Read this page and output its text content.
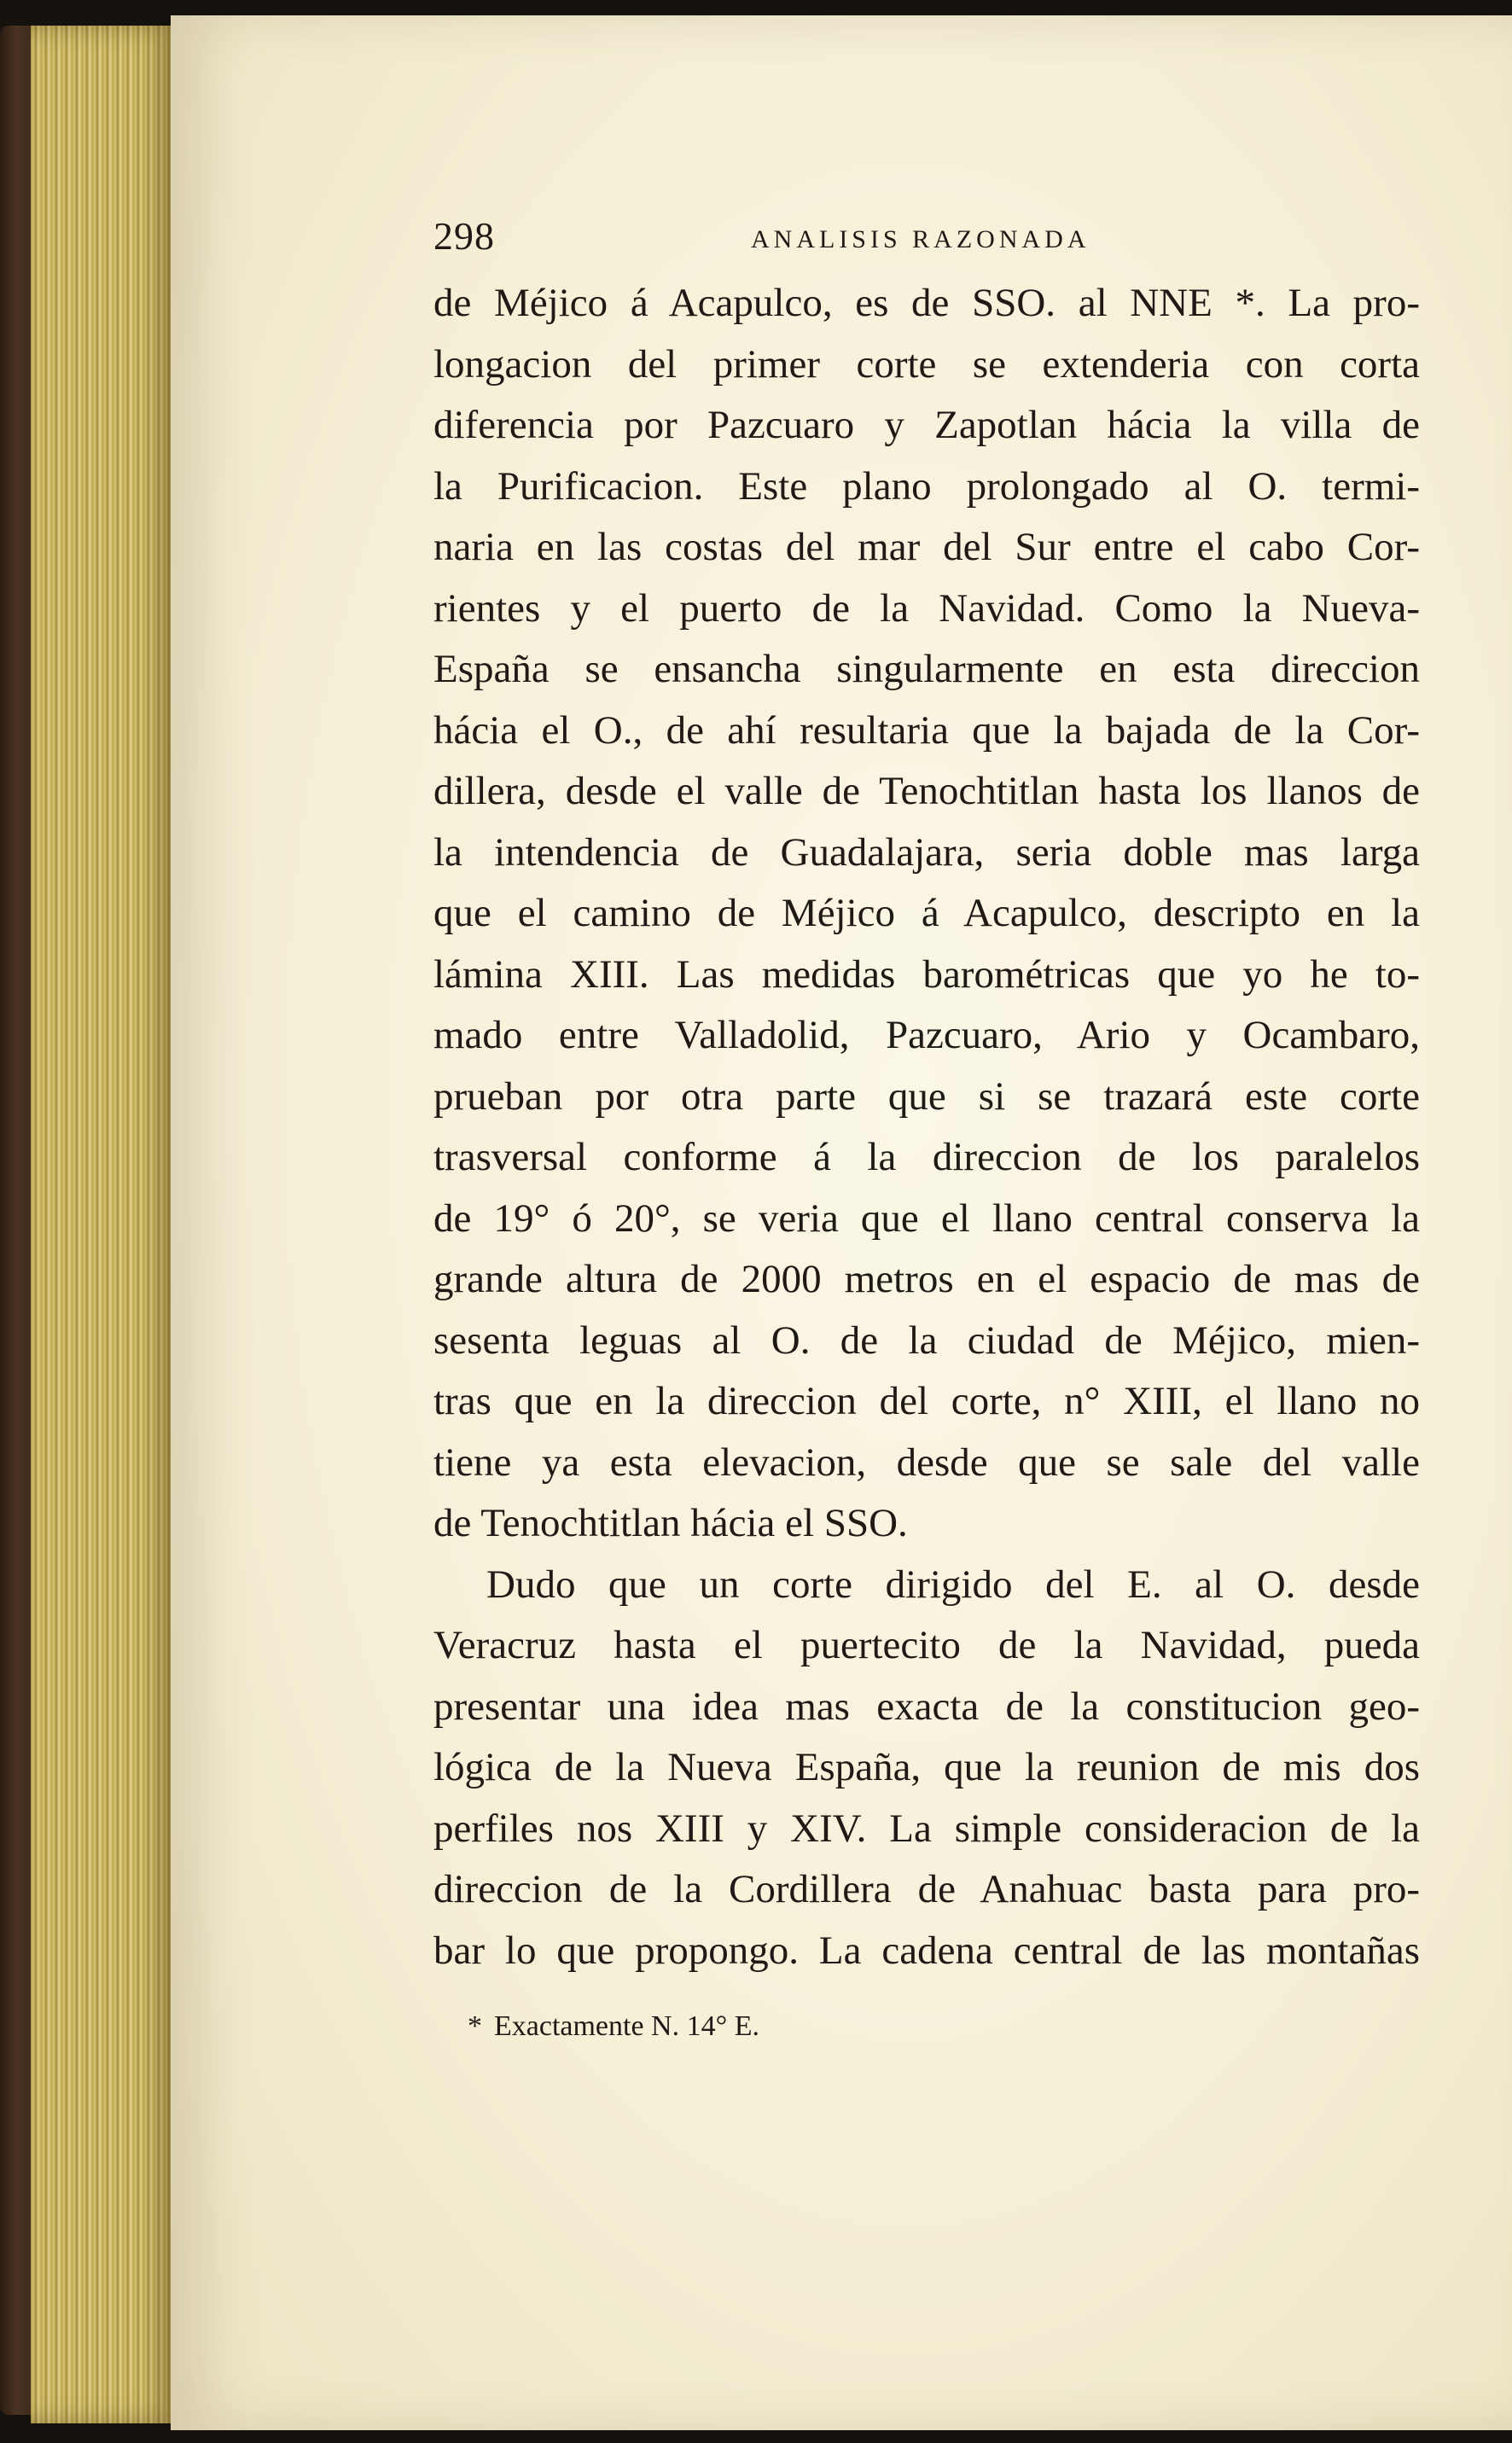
298	ANALISIS RAZONADA
de Méjico á Acapulco, es de SSO. al NNE *. La pro-
longacion del primer corte se extenderia con corta
diferencia por Pazcuaro y Zapotlan hácia la villa de
la Purificacion. Este plano prolongado al O. termi-
naria en las costas del mar del Sur entre el cabo Cor-
rientes y el puerto de la Navidad. Como la Nueva-
España se ensancha singularmente en esta direccion
hácia el O., de ahí resultaria que la bajada de la Cor-
dillera, desde el valle de Tenochtitlan hasta los llanos de
la intendencia de Guadalajara, seria doble mas larga
que el camino de Méjico á Acapulco, descripto en la
lámina XIII. Las medidas barométricas que yo he to-
mado entre Valladolid, Pazcuaro, Ario y Ocambaro,
prueban por otra parte que si se trazará este corte
trasversal conforme á la direccion de los paralelos
de 19° ó 20°, se veria que el llano central conserva la
grande altura de 2000 metros en el espacio de mas de
sesenta leguas al O. de la ciudad de Méjico, mien-
tras que en la direccion del corte, n° XIII, el llano no
tiene ya esta elevacion, desde que se sale del valle
de Tenochtitlan hácia el SSO.
Dudo que un corte dirigido del E. al O. desde
Veracruz hasta el puertecito de la Navidad, pueda
presentar una idea mas exacta de la constitucion geo-
lógica de la Nueva España, que la reunion de mis dos
perfiles nos XIII y XIV. La simple consideracion de la
direccion de la Cordillera de Anahuac basta para pro-
bar lo que propongo. La cadena central de las montañas
* Exactamente N. 14° E.
